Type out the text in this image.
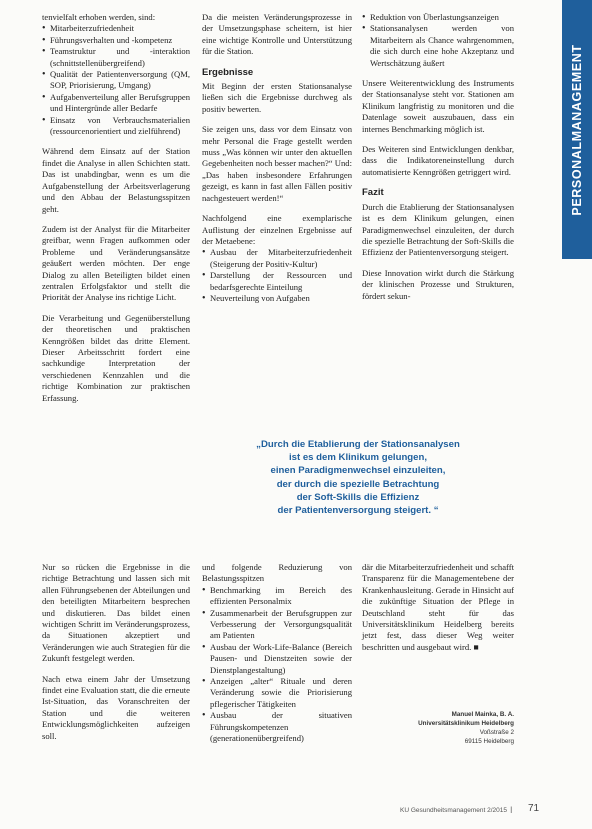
PERSONALMANAGEMENT

tenvielfalt erhoben werden, sind:

• Mitarbeiterzufriedenheit
• Führungsverhalten und -kompetenz
• Teamstruktur und -interaktion (schnittstellenübergreifend)
• Qualität der Patientenversorgung (QM, SOP, Priorisierung, Umgang)
• Aufgabenverteilung aller Berufsgruppen und Hintergründe aller Bedarfe
• Einsatz von Verbrauchsmaterialien (ressourcenorientiert und zielführend)

Während dem Einsatz auf der Station findet die Analyse in allen Schichten statt. Das ist unabdingbar, wenn es um die Aufgabenstellung der Arbeitsverlagerung und den Abbau der Belastungsspitzen geht.

Zudem ist der Analyst für die Mitarbeiter greifbar, wenn Fragen aufkommen oder Probleme und Veränderungsansätze geäußert werden möchten. Der enge Dialog zu allen Beteiligten bildet einen zentralen Erfolgsfaktor und stellt die Priorität der Analyse ins richtige Licht.

Die Verarbeitung und Gegenüberstellung der theoretischen und praktischen Kenngrößen bildet das dritte Element. Dieser Arbeitsschritt fordert eine sachkundige Interpretation der verschiedenen Kennzahlen und die richtige Kombination zur praktischen Erfassung.

Da die meisten Veränderungsprozesse in der Umsetzungsphase scheitern, ist hier eine wichtige Kontrolle und Unterstützung für die Station.

Ergebnisse

Mit Beginn der ersten Stationsanalyse ließen sich die Ergebnisse durchweg als positiv bewerten.

Sie zeigen uns, dass vor dem Einsatz von mehr Personal die Frage gestellt werden muss „Was können wir unter den aktuellen Gegebenheiten noch besser machen?“ Und: „Das haben insbesondere Erfahrungen gezeigt, es kann in fast allen Fällen positiv nachgesteuert werden!“

Nachfolgend eine exemplarische Auflistung der einzelnen Ergebnisse auf der Metaebene:

• Ausbau der Mitarbeiterzufriedenheit (Steigerung der Positiv-Kultur)
• Darstellung der Ressourcen und bedarfsgerechte Einteilung
• Neuverteilung von Aufgaben
• Reduktion von Überlastungsanzeigen
• Stationsanalysen werden von Mitarbeitern als Chance wahrgenommen, die sich durch eine hohe Akzeptanz und Wertschätzung äußert

Unsere Weiterentwicklung des Instruments der Stationsanalyse steht vor. Stationen am Klinikum langfristig zu monitoren und die Datenlage soweit auszubauen, dass ein internes Benchmarking möglich ist.

Des Weiteren sind Entwicklungen denkbar, dass die Indikatoreneinstellung durch automatisierte Kenngrößen getriggert wird.

Fazit

Durch die Etablierung der Stationsanalysen ist es dem Klinikum gelungen, einen Paradigmenwechsel einzuleiten, der durch die spezielle Betrachtung der Soft-Skills die Effizienz der Patientenversorgung steigert.

Diese Innovation wirkt durch die Stärkung der klinischen Prozesse und Strukturen, fördert sekun-

„Durch die Etablierung der Stationsanalysen
ist es dem Klinikum gelungen,
einen Paradigmenwechsel einzuleiten,
der durch die spezielle Betrachtung
der Soft-Skills die Effizienz
der Patientenversorgung steigert. “

Nur so rücken die Ergebnisse in die richtige Betrachtung und lassen sich mit allen Führungsebenen der Abteilungen und den beteiligten Mitarbeitern besprechen und diskutieren. Das bildet einen wichtigen Schritt im Veränderungsprozess, da Situationen akzeptiert und Veränderungen wie auch Strategien für die Zukunft festgelegt werden.

Nach etwa einem Jahr der Umsetzung findet eine Evaluation statt, die die erneute Ist-Situation, das Voranschreiten der Station und die weiteren Entwicklungsmöglichkeiten aufzeigen soll.

und folgende Reduzierung von Belastungsspitzen

• Benchmarking im Bereich des effizienten Personalmix
• Zusammenarbeit der Berufsgruppen zur Verbesserung der Versorgungsqualität am Patienten
• Ausbau der Work-Life-Balance (Bereich Pausen- und Dienstzeiten sowie der Dienstplangestaltung)
• Anzeigen „alter“ Rituale und deren Veränderung sowie die Priorisierung pflegerischer Tätigkeiten
• Ausbau der situativen Führungskompetenzen (generationenübergreifend)

där die Mitarbeiterzufriedenheit und schafft Transparenz für die Managementebene der Krankenhausleitung. Gerade in Hinsicht auf die zukünftige Situation der Pflege in Deutschland steht für das Universitätsklinikum Heidelberg bereits jetzt fest, dass dieser Weg weiter beschritten und ausgebaut wird. ■

Manuel Mainka, B. A.
Universitätsklinikum Heidelberg
Voßstraße 2
69115 Heidelberg
KU Gesundheitsmanagement 2/2015 I 71
